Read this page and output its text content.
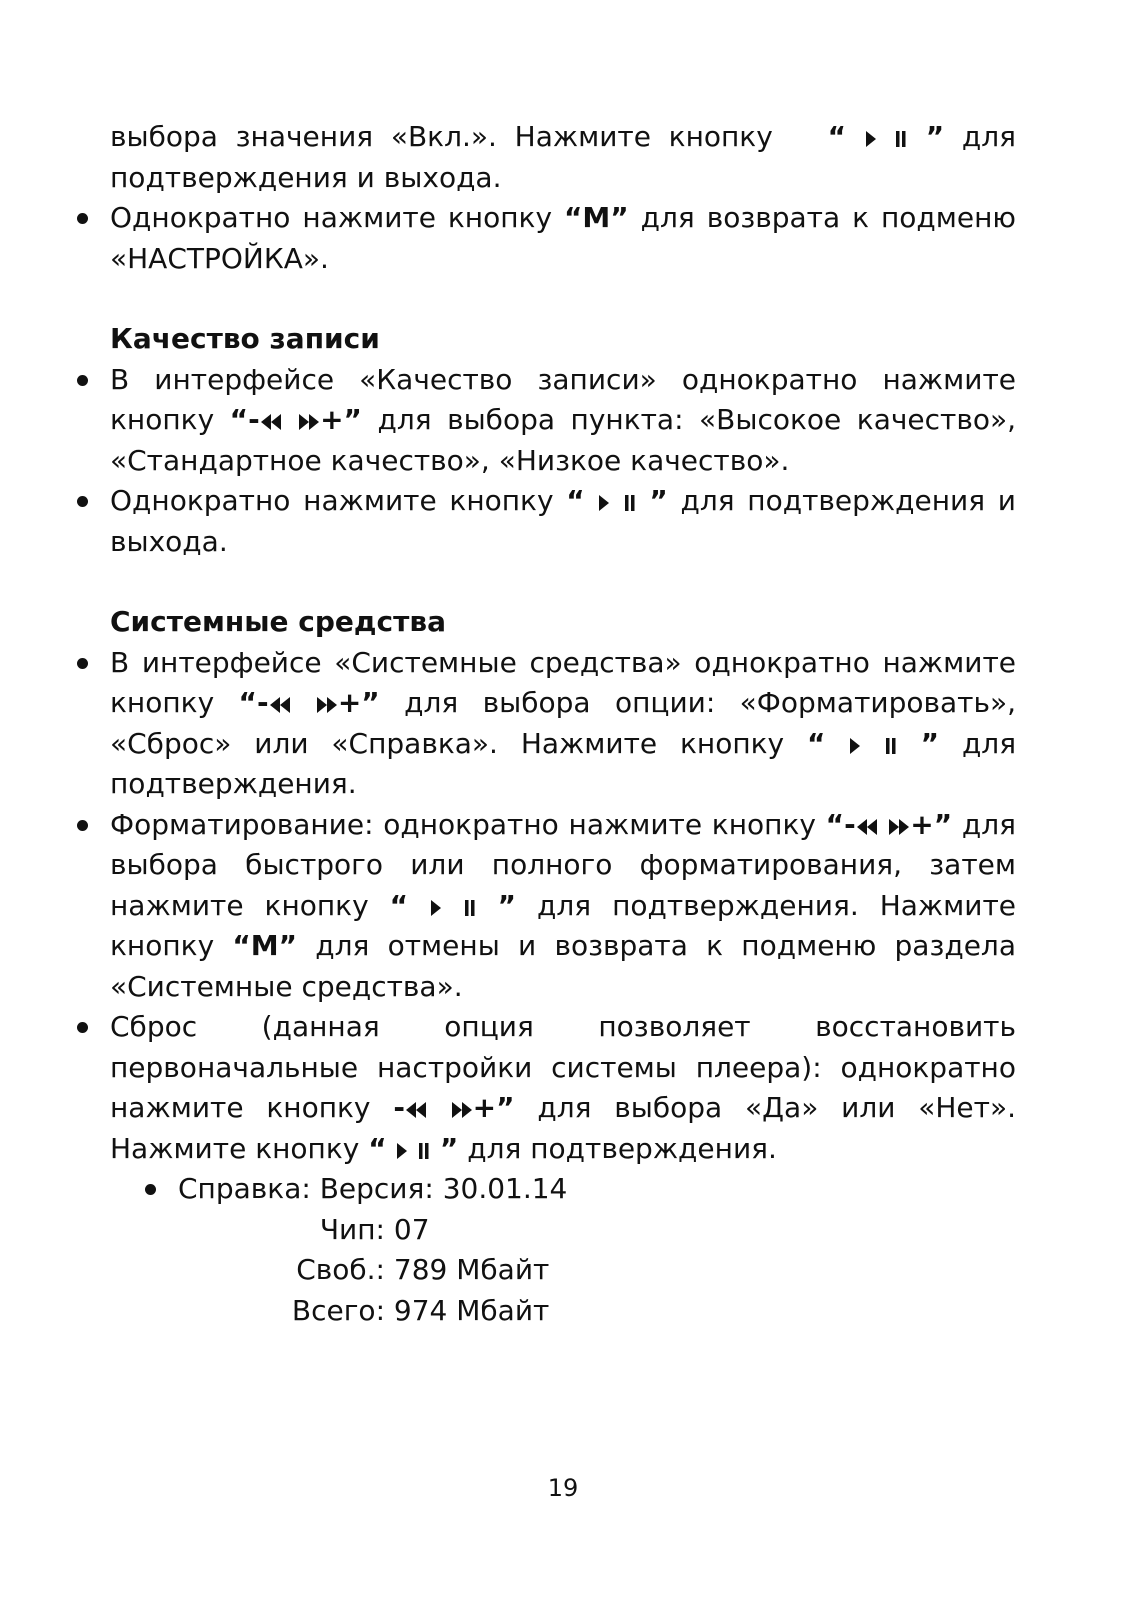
выбора значения «Вкл.». Нажмите кнопку “	” для подтверждения и выхода.

Однократно нажмите кнопку “M” для возврата к подменю «НАСТРОЙКА».

Качество записи

В интерфейсе «Качество записи» однократно нажмите кнопку “- +” для выбора пункта: «Высокое качество», «Стандартное качество», «Низкое качество».

Однократно нажмите кнопку “ ” для подтверждения и выхода.

Системные средства

В интерфейсе «Системные средства» однократно нажмите кнопку “- +” для выбора опции: «Форматировать», «Сброс» или «Справка». Нажмите кнопку “	” для подтверждения.

Форматирование: однократно нажмите кнопку “- +” для выбора быстрого или полного форматирования, затем нажмите кнопку “	” для подтверждения. Нажмите кнопку “M” для отмены и возврата к подменю раздела «Системные средства».

Сброс (данная опция позволяет восстановить первоначальные настройки системы плеера): однократно нажмите кнопку - +” для выбора «Да» или «Нет». Нажмите кнопку “ ” для подтверждения.

Справка: Версия: 30.01.14
Чип: 07
Своб.: 789 Мбайт
Всего: 974 Мбайт
19
